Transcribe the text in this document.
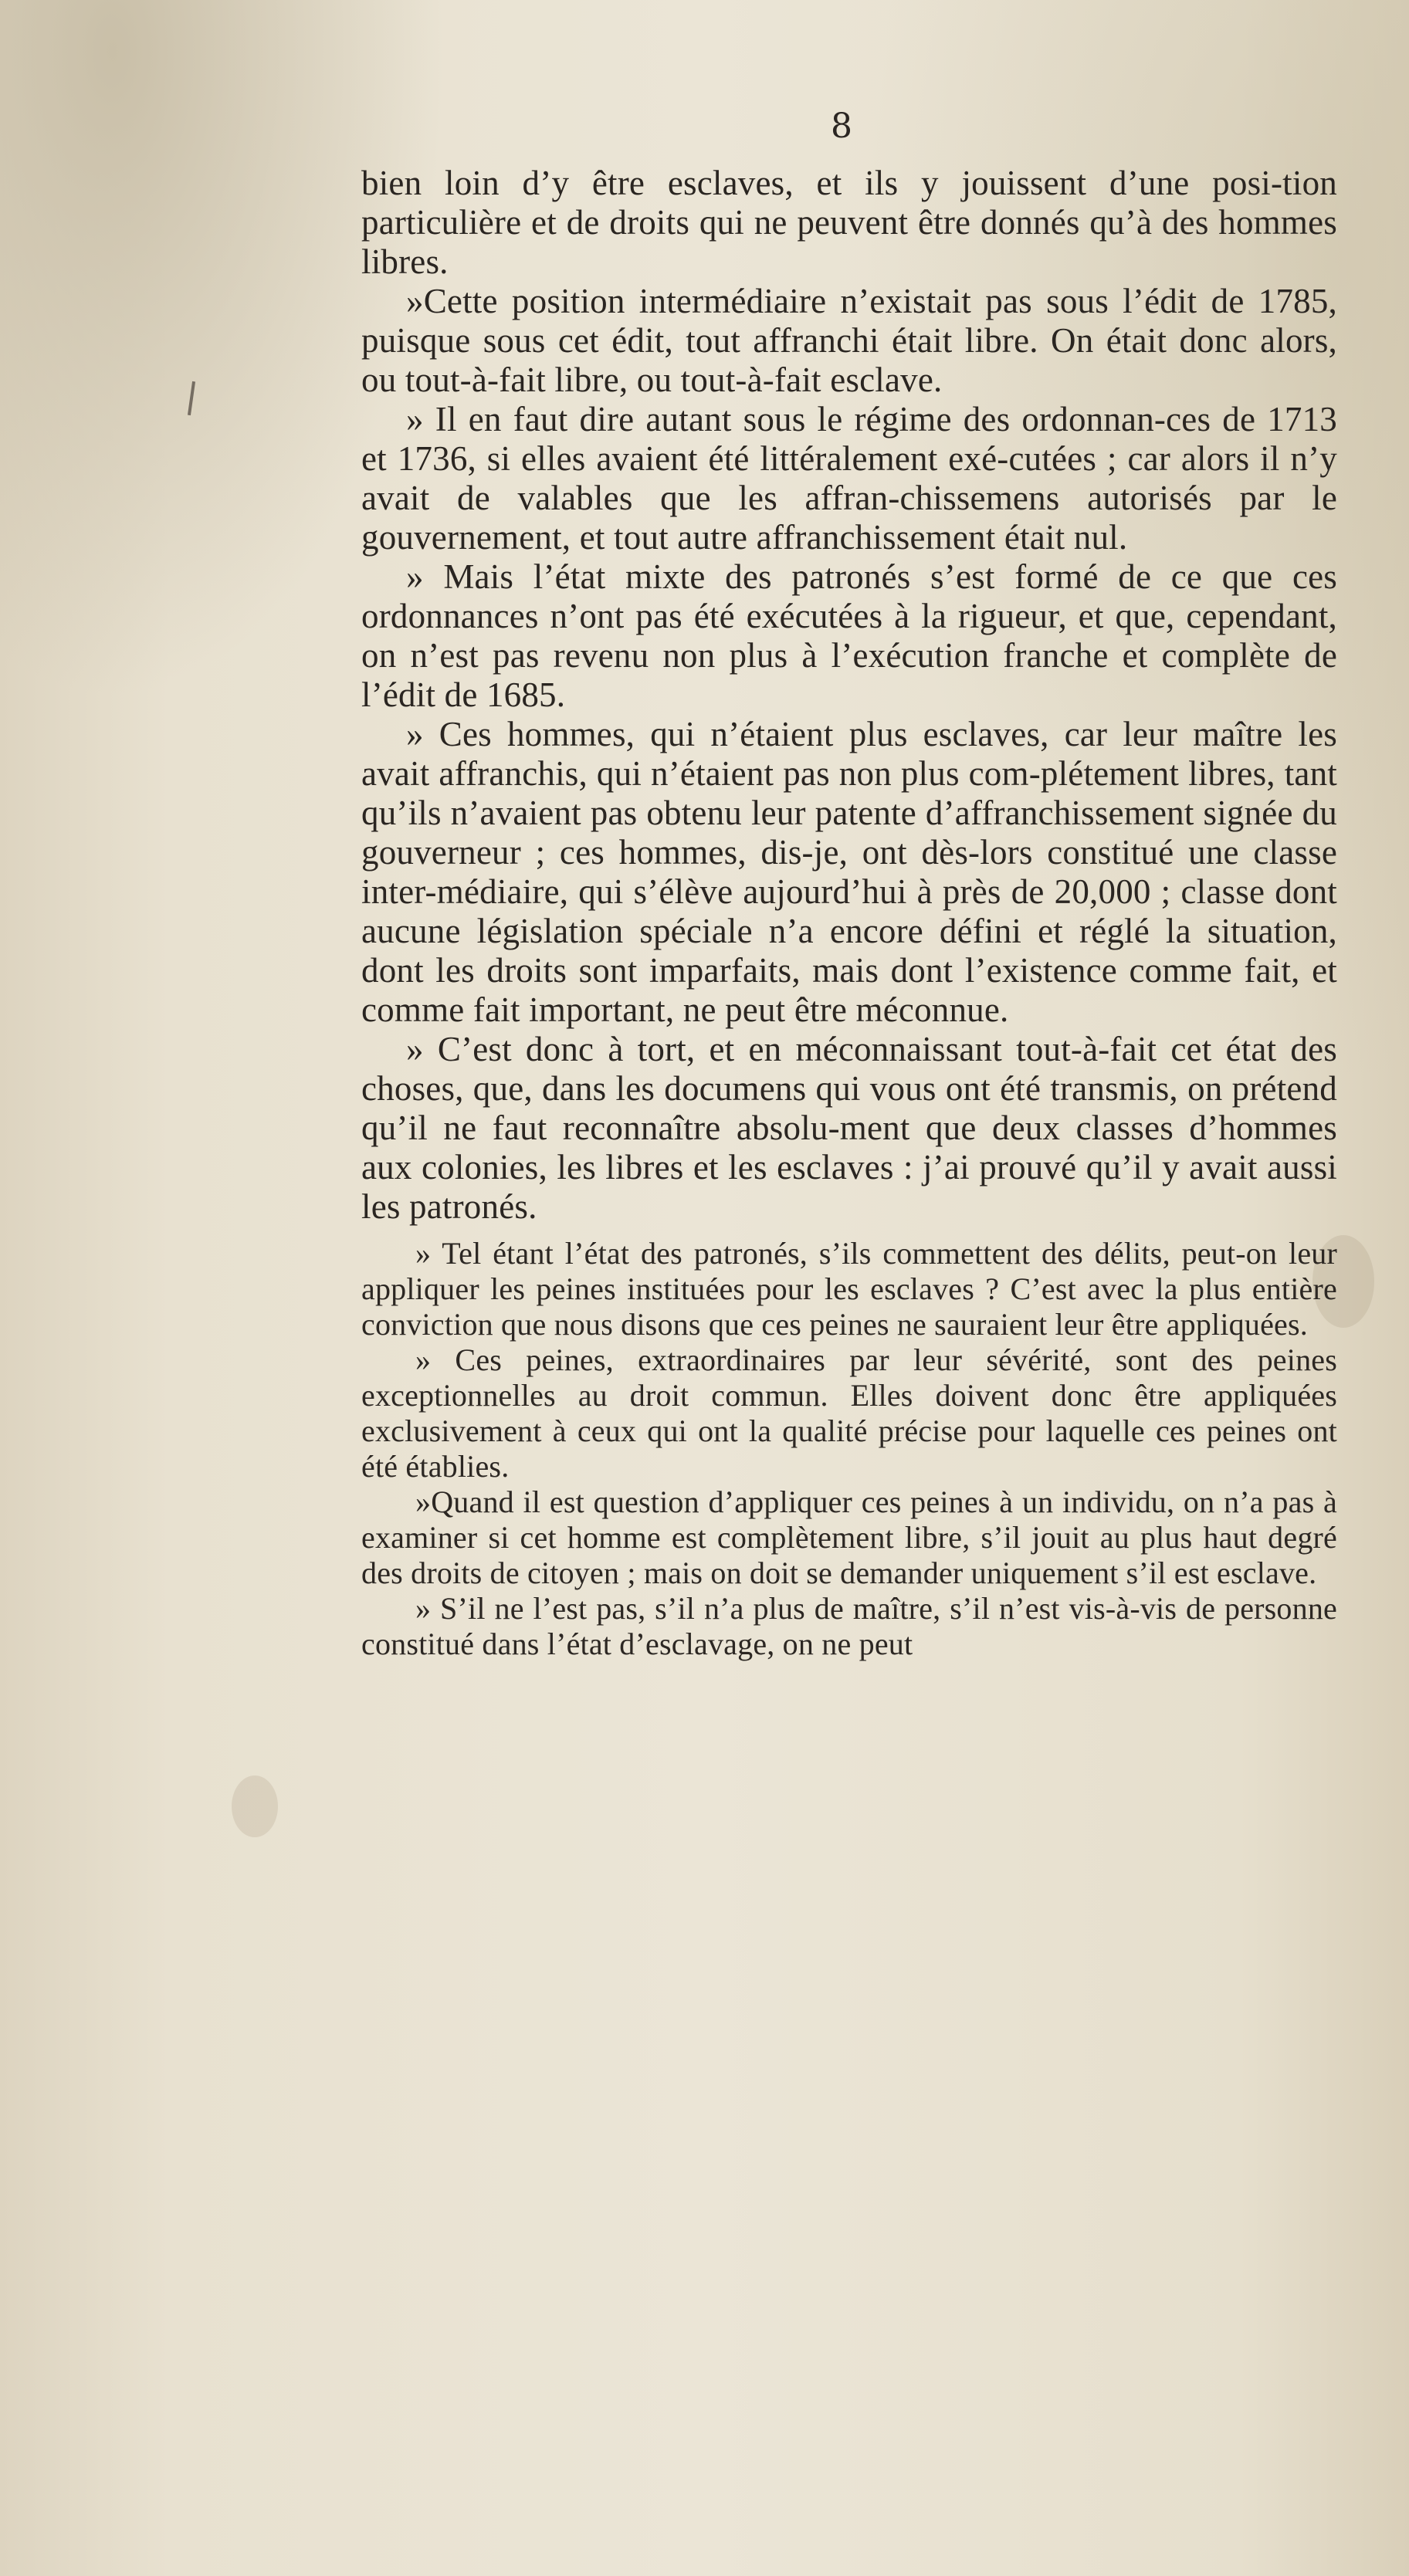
8

bien loin d’y être esclaves, et ils y jouissent d’une posi-tion particulière et de droits qui ne peuvent être donnés qu’à des hommes libres.

»Cette position intermédiaire n’existait pas sous l’édit de 1785, puisque sous cet édit, tout affranchi était libre. On était donc alors, ou tout-à-fait libre, ou tout-à-fait esclave.

» Il en faut dire autant sous le régime des ordonnan-ces de 1713 et 1736, si elles avaient été littéralement exé-cutées ; car alors il n’y avait de valables que les affran-chissemens autorisés par le gouvernement, et tout autre affranchissement était nul.

» Mais l’état mixte des patronés s’est formé de ce que ces ordonnances n’ont pas été exécutées à la rigueur, et que, cependant, on n’est pas revenu non plus à l’exécution franche et complète de l’édit de 1685.

» Ces hommes, qui n’étaient plus esclaves, car leur maître les avait affranchis, qui n’étaient pas non plus com-plétement libres, tant qu’ils n’avaient pas obtenu leur patente d’affranchissement signée du gouverneur ; ces hommes, dis-je, ont dès-lors constitué une classe inter-médiaire, qui s’élève aujourd’hui à près de 20,000 ; classe dont aucune législation spéciale n’a encore défini et réglé la situation, dont les droits sont imparfaits, mais dont l’existence comme fait, et comme fait important, ne peut être méconnue.

» C’est donc à tort, et en méconnaissant tout-à-fait cet état des choses, que, dans les documens qui vous ont été transmis, on prétend qu’il ne faut reconnaître absolu-ment que deux classes d’hommes aux colonies, les libres et les esclaves : j’ai prouvé qu’il y avait aussi les patronés.

» Tel étant l’état des patronés, s’ils commettent des délits, peut-on leur appliquer les peines instituées pour les esclaves ? C’est avec la plus entière conviction que nous disons que ces peines ne sauraient leur être appliquées.

» Ces peines, extraordinaires par leur sévérité, sont des peines exceptionnelles au droit commun. Elles doivent donc être appliquées exclusivement à ceux qui ont la qualité précise pour laquelle ces peines ont été établies.

»Quand il est question d’appliquer ces peines à un individu, on n’a pas à examiner si cet homme est complètement libre, s’il jouit au plus haut degré des droits de citoyen ; mais on doit se demander uniquement s’il est esclave.

» S’il ne l’est pas, s’il n’a plus de maître, s’il n’est vis-à-vis de personne constitué dans l’état d’esclavage, on ne peut
